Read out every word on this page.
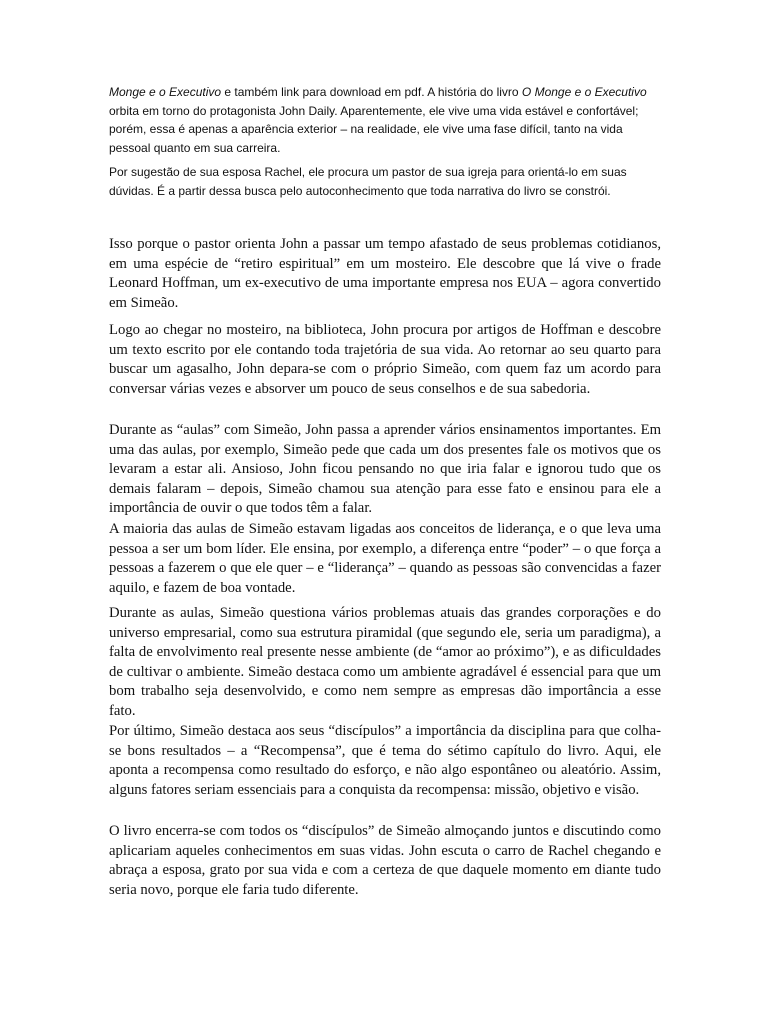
Monge e o Executivo e também link para download em pdf. A história do livro O Monge e o Executivo orbita em torno do protagonista John Daily. Aparentemente, ele vive uma vida estável e confortável; porém, essa é apenas a aparência exterior – na realidade, ele vive uma fase difícil, tanto na vida pessoal quanto em sua carreira.

Por sugestão de sua esposa Rachel, ele procura um pastor de sua igreja para orientá-lo em suas dúvidas. É a partir dessa busca pelo autoconhecimento que toda narrativa do livro se constrói.

Isso porque o pastor orienta John a passar um tempo afastado de seus problemas cotidianos, em uma espécie de “retiro espiritual” em um mosteiro. Ele descobre que lá vive o frade Leonard Hoffman, um ex-executivo de uma importante empresa nos EUA – agora convertido em Simeão.

Logo ao chegar no mosteiro, na biblioteca, John procura por artigos de Hoffman e descobre um texto escrito por ele contando toda trajetória de sua vida. Ao retornar ao seu quarto para buscar um agasalho, John depara-se com o próprio Simeão, com quem faz um acordo para conversar várias vezes e absorver um pouco de seus conselhos e de sua sabedoria.

Durante as “aulas” com Simeão, John passa a aprender vários ensinamentos importantes. Em uma das aulas, por exemplo, Simeão pede que cada um dos presentes fale os motivos que os levaram a estar ali. Ansioso, John ficou pensando no que iria falar e ignorou tudo que os demais falaram – depois, Simeão chamou sua atenção para esse fato e ensinou para ele a importância de ouvir o que todos têm a falar.

A maioria das aulas de Simeão estavam ligadas aos conceitos de liderança, e o que leva uma pessoa a ser um bom líder. Ele ensina, por exemplo, a diferença entre “poder” – o que força a pessoas a fazerem o que ele quer – e “liderança” – quando as pessoas são convencidas a fazer aquilo, e fazem de boa vontade.

Durante as aulas, Simeão questiona vários problemas atuais das grandes corporações e do universo empresarial, como sua estrutura piramidal (que segundo ele, seria um paradigma), a falta de envolvimento real presente nesse ambiente (de “amor ao próximo”), e as dificuldades de cultivar o ambiente. Simeão destaca como um ambiente agradável é essencial para que um bom trabalho seja desenvolvido, e como nem sempre as empresas dão importância a esse fato.

Por último, Simeão destaca aos seus “discípulos” a importância da disciplina para que colha-se bons resultados – a “Recompensa”, que é tema do sétimo capítulo do livro. Aqui, ele aponta a recompensa como resultado do esforço, e não algo espontâneo ou aleatório. Assim, alguns fatores seriam essenciais para a conquista da recompensa: missão, objetivo e visão.

O livro encerra-se com todos os “discípulos” de Simeão almoçando juntos e discutindo como aplicariam aqueles conhecimentos em suas vidas. John escuta o carro de Rachel chegando e abraça a esposa, grato por sua vida e com a certeza de que daquele momento em diante tudo seria novo, porque ele faria tudo diferente.
